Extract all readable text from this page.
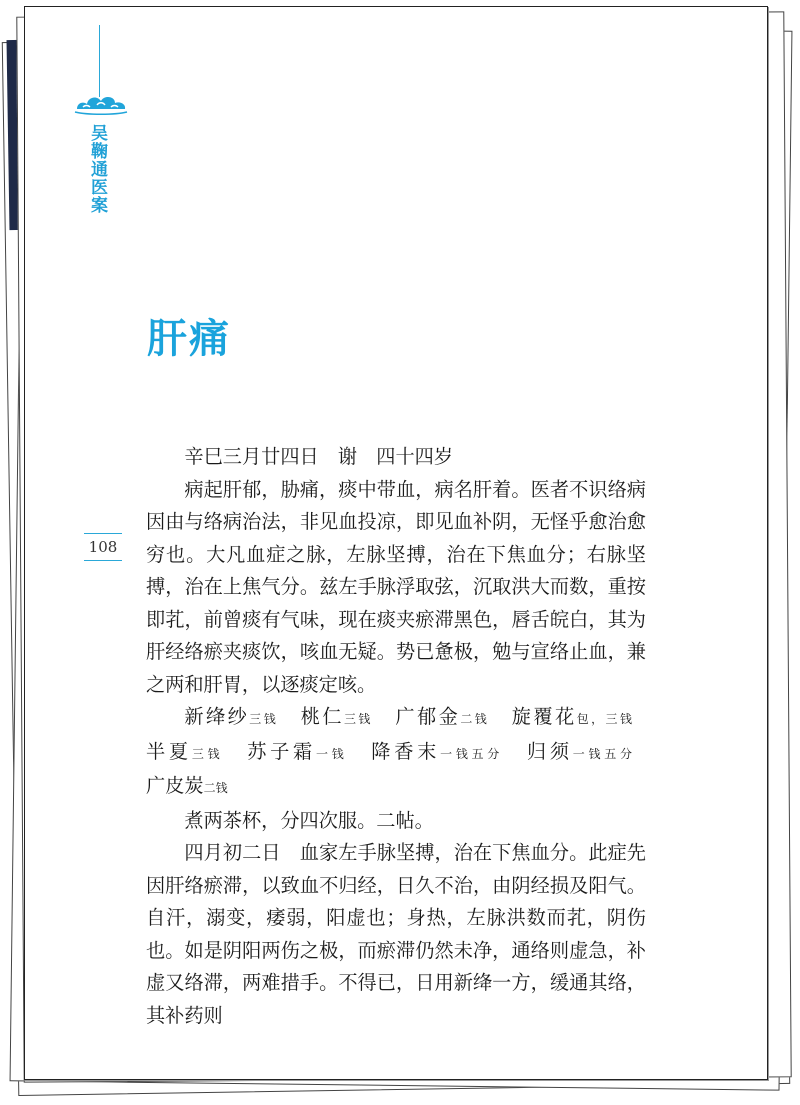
吴鞠通医案
肝痛
108

辛巳三月廿四日　谢　四十四岁

病起肝郁，胁痛，痰中带血，病名肝着。医者不识络病因由与络病治法，非见血投凉，即见血补阴，无怪乎愈治愈穷也。大凡血症之脉，左脉坚搏，治在下焦血分；右脉坚搏，治在上焦气分。兹左手脉浮取弦，沉取洪大而数，重按即芤，前曾痰有气味，现在痰夹瘀滞黑色，唇舌皖白，其为肝经络瘀夹痰饮，咳血无疑。势已惫极，勉与宣络止血，兼之两和肝胃，以逐痰定咳。

新绛纱三钱 桃仁三钱 广郁金二钱 旋覆花包，三钱 半夏三钱 苏子霜一钱 降香末一钱五分 归须一钱五分 广皮炭二钱

煮两茶杯，分四次服。二帖。

四月初二日　血家左手脉坚搏，治在下焦血分。此症先因肝络瘀滞，以致血不归经，日久不治，由阴经损及阳气。自汗，溺变，痿弱，阳虚也；身热，左脉洪数而芤，阴伤也。如是阴阳两伤之极，而瘀滞仍然未净，通络则虚急，补虚又络滞，两难措手。不得已，日用新绛一方，缓通其络，其补药则
